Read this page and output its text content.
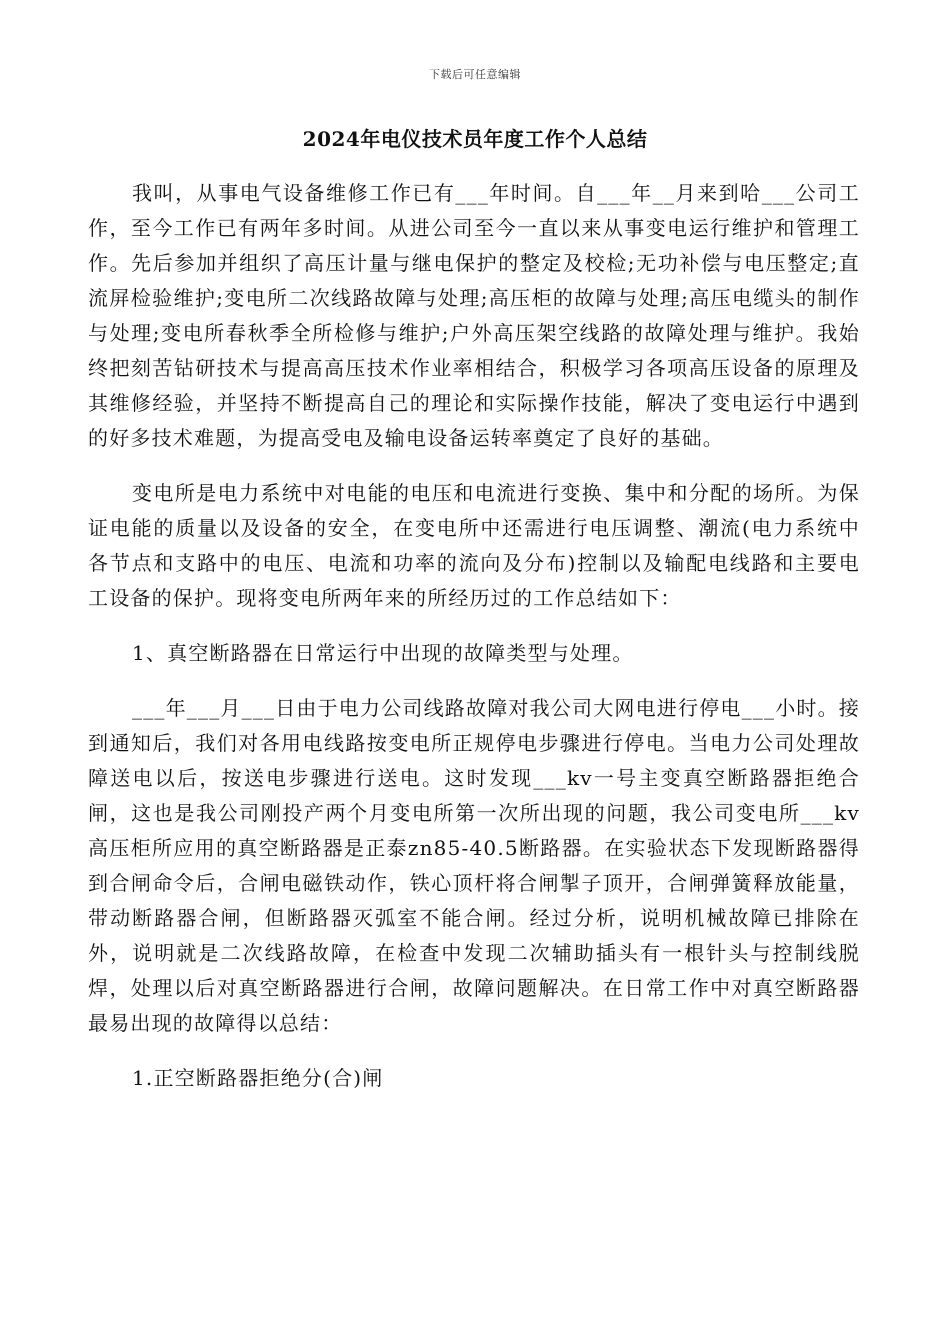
下载后可任意编辑
2024年电仪技术员年度工作个人总结

我叫，从事电气设备维修工作已有___年时间。自___年__月来到哈___公司工作，至今工作已有两年多时间。从进公司至今一直以来从事变电运行维护和管理工作。先后参加并组织了高压计量与继电保护的整定及校检;无功补偿与电压整定;直流屏检验维护;变电所二次线路故障与处理;高压柜的故障与处理;高压电缆头的制作与处理;变电所春秋季全所检修与维护;户外高压架空线路的故障处理与维护。我始终把刻苦钻研技术与提高高压技术作业率相结合，积极学习各项高压设备的原理及其维修经验，并坚持不断提高自己的理论和实际操作技能，解决了变电运行中遇到的好多技术难题，为提高受电及输电设备运转率奠定了良好的基础。

变电所是电力系统中对电能的电压和电流进行变换、集中和分配的场所。为保证电能的质量以及设备的安全，在变电所中还需进行电压调整、潮流(电力系统中各节点和支路中的电压、电流和功率的流向及分布)控制以及输配电线路和主要电工设备的保护。现将变电所两年来的所经历过的工作总结如下：

1、真空断路器在日常运行中出现的故障类型与处理。

___年___月___日由于电力公司线路故障对我公司大网电进行停电___小时。接到通知后，我们对各用电线路按变电所正规停电步骤进行停电。当电力公司处理故障送电以后，按送电步骤进行送电。这时发现___kv一号主变真空断路器拒绝合闸，这也是我公司刚投产两个月变电所第一次所出现的问题，我公司变电所___kv高压柜所应用的真空断路器是正泰zn85-40.5断路器。在实验状态下发现断路器得到合闸命令后，合闸电磁铁动作，铁心顶杆将合闸掣子顶开，合闸弹簧释放能量，带动断路器合闸，但断路器灭弧室不能合闸。经过分析，说明机械故障已排除在外，说明就是二次线路故障，在检查中发现二次辅助插头有一根针头与控制线脱焊，处理以后对真空断路器进行合闸，故障问题解决。在日常工作中对真空断路器最易出现的故障得以总结：

1.正空断路器拒绝分(合)闸
